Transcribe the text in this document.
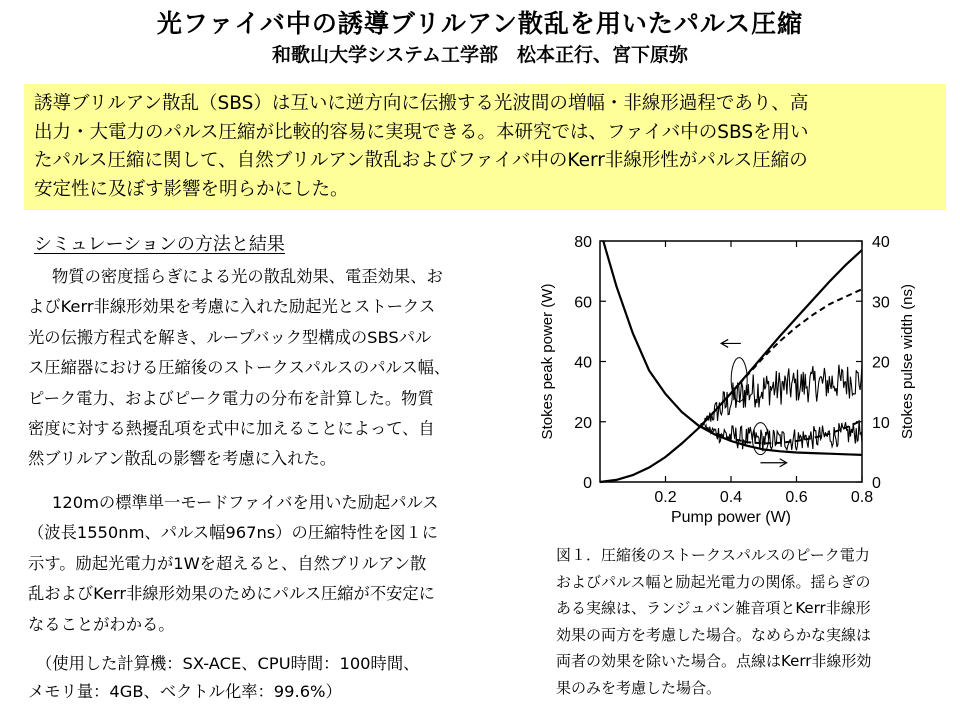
光ファイバ中の誘導ブリルアン散乱を用いたパルス圧縮
和歌山大学システム工学部　松本正行、宮下原弥
誘導ブリルアン散乱（SBS）は互いに逆方向に伝搬する光波間の増幅・非線形過程であり、高
出力・大電力のパルス圧縮が比較的容易に実現できる。本研究では、ファイバ中のSBSを用い
たパルス圧縮に関して、自然ブリルアン散乱およびファイバ中のKerr非線形性がパルス圧縮の
安定性に及ぼす影響を明らかにした。
シミュレーションの方法と結果
物質の密度揺らぎによる光の散乱効果、電歪効果、お
よびKerr非線形効果を考慮に入れた励起光とストークス
光の伝搬方程式を解き、ループバック型構成のSBSパル
ス圧縮器における圧縮後のストークスパルスのパルス幅、
ピーク電力、およびピーク電力の分布を計算した。物質
密度に対する熱擾乱項を式中に加えることによって、自
然ブリルアン散乱の影響を考慮に入れた。
120mの標準単一モードファイバを用いた励起パルス
（波長1550nm、パルス幅967ns）の圧縮特性を図１に
示す。励起光電力が1Wを超えると、自然ブリルアン散
乱およびKerr非線形効果のためにパルス圧縮が不安定に
なることがわかる。
（使用した計算機：SX-ACE、CPU時間：100時間、
メモリ量：4GB、ベクトル化率：99.6%）
図１．圧縮後のストークスパルスのピーク電力
およびパルス幅と励起光電力の関係。揺らぎの
ある実線は、ランジュバン雑音項とKerr非線形
効果の両方を考慮した場合。なめらかな実線は
両者の効果を除いた場合。点線はKerr非線形効
果のみを考慮した場合。
0.2	0.4	0.6	0.8
0
20
40
60
80
0
10
20
30
40
Pump power (W)
Stokes peak power (W)	Stokes pulse width (ns)
